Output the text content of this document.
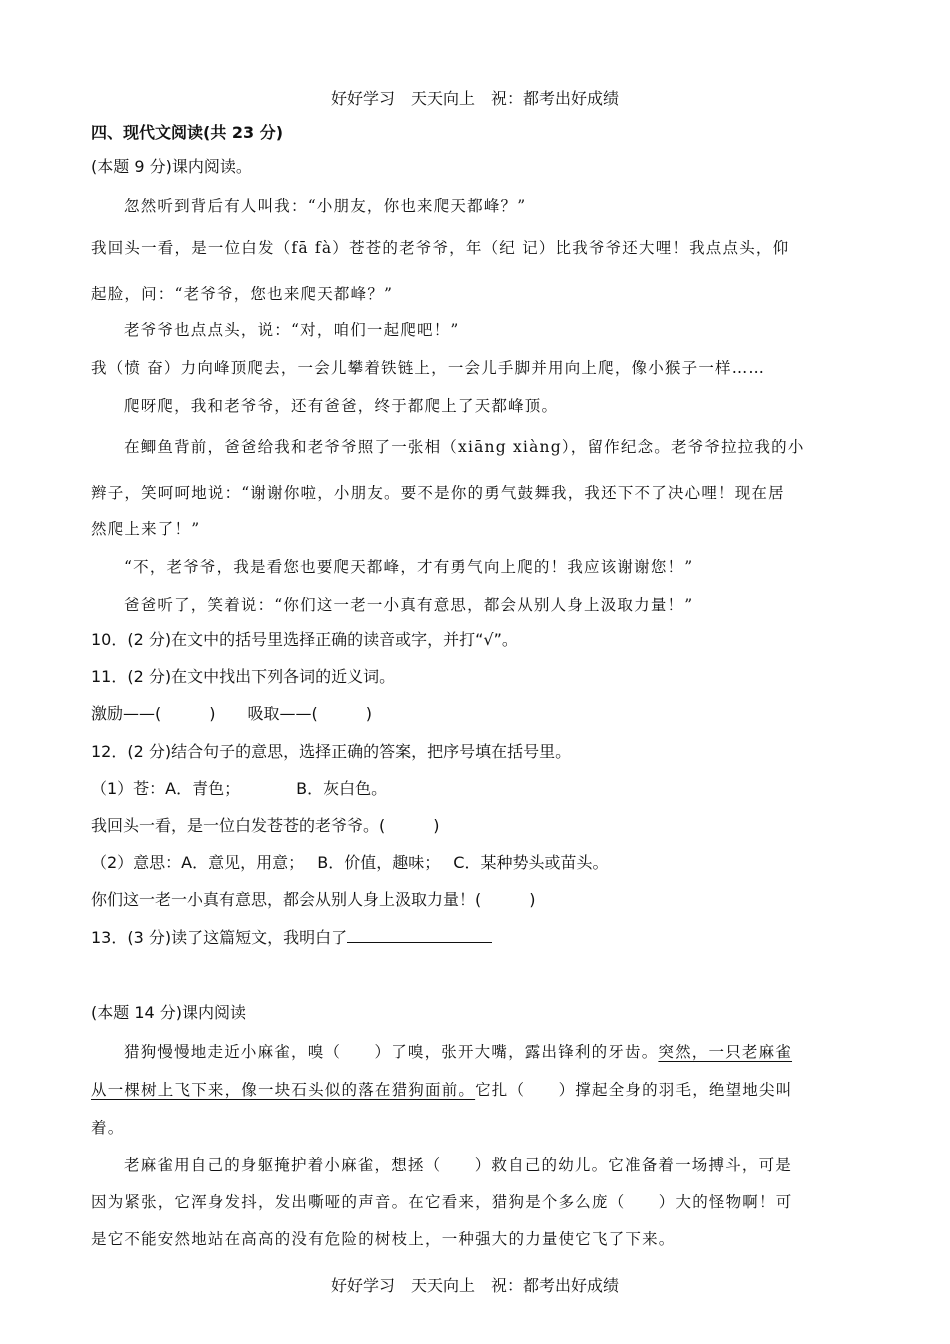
好好学习　天天向上　祝：都考出好成绩
四、现代文阅读(共 23 分)
(本题 9 分)课内阅读。
忽然听到背后有人叫我：“小朋友，你也来爬天都峰？”
我回头一看，是一位白发（fā fà）苍苍的老爷爷，年（纪 记）比我爷爷还大哩！我点点头，仰
起脸，问：“老爷爷，您也来爬天都峰？”
老爷爷也点点头，说：“对，咱们一起爬吧！”
我（愤 奋）力向峰顶爬去，一会儿攀着铁链上，一会儿手脚并用向上爬，像小猴子一样……
爬呀爬，我和老爷爷，还有爸爸，终于都爬上了天都峰顶。
在鲫鱼背前，爸爸给我和老爷爷照了一张相（xiāng xiàng），留作纪念。老爷爷拉拉我的小
辫子，笑呵呵地说：“谢谢你啦，小朋友。要不是你的勇气鼓舞我，我还下不了决心哩！现在居
然爬上来了！”
“不，老爷爷，我是看您也要爬天都峰，才有勇气向上爬的！我应该谢谢您！”
爸爸听了，笑着说：“你们这一老一小真有意思，都会从别人身上汲取力量！”
10．(2 分)在文中的括号里选择正确的读音或字，并打“√”。
11．(2 分)在文中找出下列各词的近义词。
激励——(　　　)　　吸取——(　　　)
12．(2 分)结合句子的意思，选择正确的答案，把序号填在括号里。
（1）苍：A．青色；　　　　B．灰白色。
我回头一看，是一位白发苍苍的老爷爷。(　　　)
（2）意思：A．意见，用意；　 B．价值，趣味；　 C．某种势头或苗头。
你们这一老一小真有意思，都会从别人身上汲取力量！(　　　)
13．(3 分)读了这篇短文，我明白了
(本题 14 分)课内阅读
猎狗慢慢地走近小麻雀，嗅（　　）了嗅，张开大嘴，露出锋利的牙齿。突然，一只老麻雀
从一棵树上飞下来，像一块石头似的落在猎狗面前。它扎（　　）撑起全身的羽毛，绝望地尖叫
着。
老麻雀用自己的身躯掩护着小麻雀，想拯（　　）救自己的幼儿。它准备着一场搏斗，可是
因为紧张，它浑身发抖，发出嘶哑的声音。在它看来，猎狗是个多么庞（　　）大的怪物啊！可
是它不能安然地站在高高的没有危险的树枝上，一种强大的力量使它飞了下来。
好好学习　天天向上　祝：都考出好成绩
